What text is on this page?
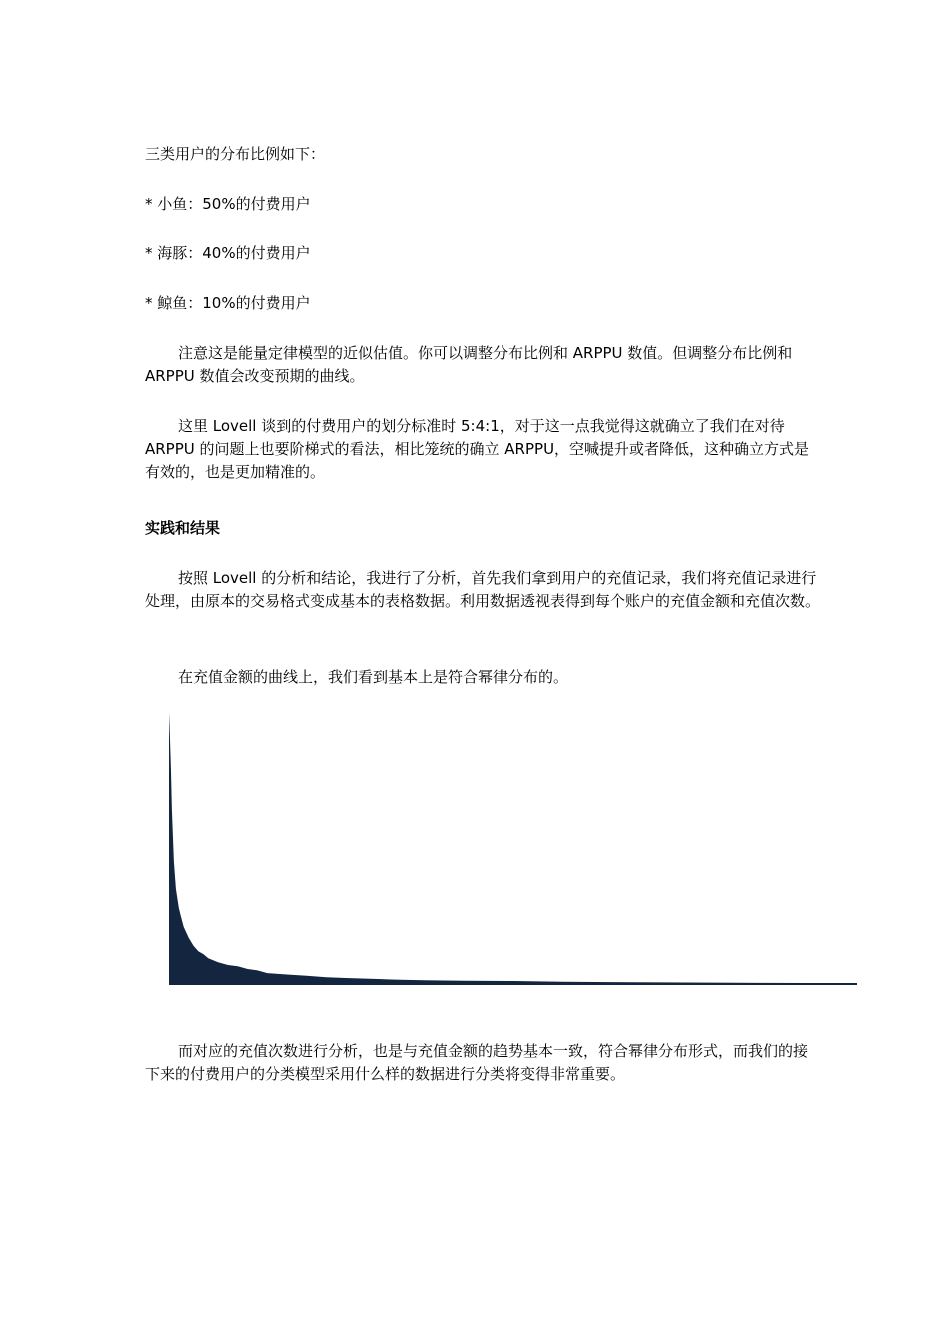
三类用户的分布比例如下：

* 小鱼：50%的付费用户

* 海豚：40%的付费用户

* 鲸鱼：10%的付费用户

注意这是能量定律模型的近似估值。你可以调整分布比例和 ARPPU 数值。但调整分布比例和 ARPPU 数值会改变预期的曲线。

这里 Lovell 谈到的付费用户的划分标准时 5:4:1，对于这一点我觉得这就确立了我们在对待 ARPPU 的问题上也要阶梯式的看法，相比笼统的确立 ARPPU，空喊提升或者降低，这种确立方式是有效的，也是更加精准的。

实践和结果

按照 Lovell 的分析和结论，我进行了分析，首先我们拿到用户的充值记录，我们将充值记录进行处理，由原本的交易格式变成基本的表格数据。利用数据透视表得到每个账户的充值金额和充值次数。

在充值金额的曲线上，我们看到基本上是符合幂律分布的。

而对应的充值次数进行分析，也是与充值金额的趋势基本一致，符合幂律分布形式，而我们的接下来的付费用户的分类模型采用什么样的数据进行分类将变得非常重要。
